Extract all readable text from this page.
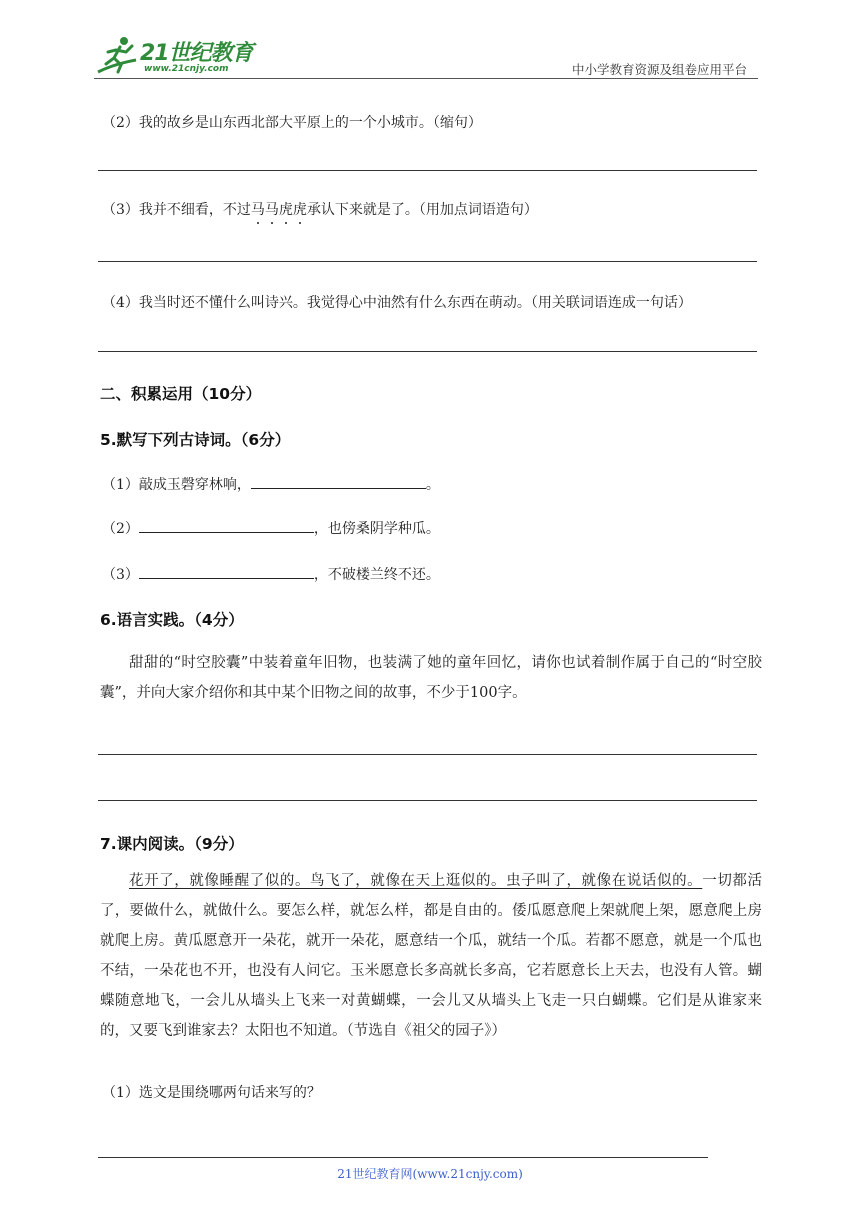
21世纪教育
www.21cnjy.com	中小学教育资源及组卷应用平台
（2）我的故乡是山东西北部大平原上的一个小城市。（缩句）
（3）我并不细看，不过马马虎虎承认下来就是了。（用加点词语造句）
（4）我当时还不懂什么叫诗兴。我觉得心中油然有什么东西在萌动。（用关联词语连成一句话）
二、积累运用（10分）
5.默写下列古诗词。（6分）
（1）敲成玉磬穿林响，	。
（2）	，也傍桑阴学种瓜。
（3）	，不破楼兰终不还。
6.语言实践。（4分）
甜甜的“时空胶囊”中装着童年旧物，也装满了她的童年回忆，请你也试着制作属于自己的“时空胶囊”，并向大家介绍你和其中某个旧物之间的故事，不少于100字。
7.课内阅读。（9分）
花开了，就像睡醒了似的。鸟飞了，就像在天上逛似的。虫子叫了，就像在说话似的。一切都活了，要做什么，就做什么。要怎么样，就怎么样，都是自由的。倭瓜愿意爬上架就爬上架，愿意爬上房就爬上房。黄瓜愿意开一朵花，就开一朵花，愿意结一个瓜，就结一个瓜。若都不愿意，就是一个瓜也不结，一朵花也不开，也没有人问它。玉米愿意长多高就长多高，它若愿意长上天去，也没有人管。蝴蝶随意地飞，一会儿从墙头上飞来一对黄蝴蝶，一会儿又从墙头上飞走一只白蝴蝶。它们是从谁家来的，又要飞到谁家去？太阳也不知道。（节选自《祖父的园子》）
（1）选文是围绕哪两句话来写的？
21世纪教育网(www.21cnjy.com)
